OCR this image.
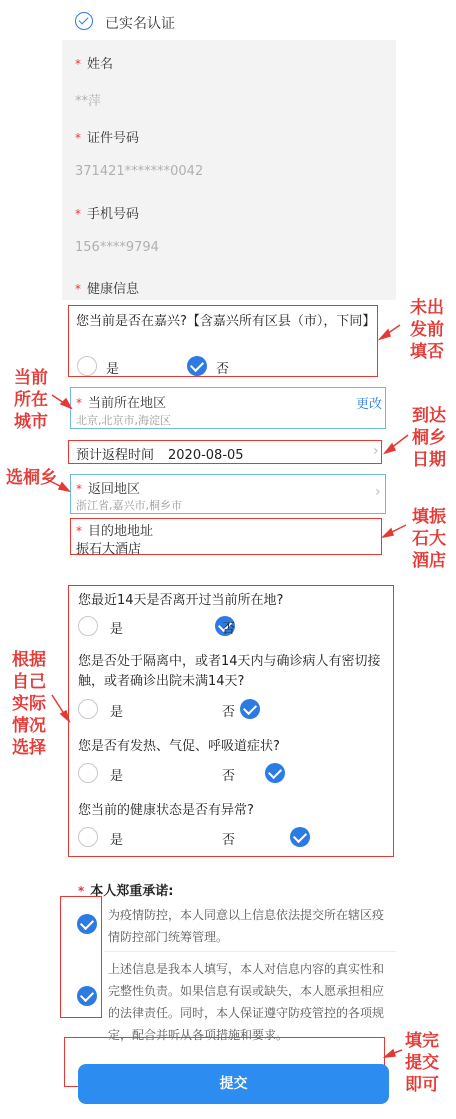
已实名认证
* 姓名
**萍
* 证件号码
371421*******0042
* 手机号码
156****9794
* 健康信息
您当前是否在嘉兴?【含嘉兴所有区县（市），下同】
是
	否
* 当前所在地区	更改
北京,北京市,海淀区
预计返程时间 2020-08-05	›
* 返回地区
浙江省,嘉兴市,桐乡市
›
* 目的地地址
振石大酒店
您最近14天是否离开过当前所在地?
是
	否
您是否处于隔离中，或者14天内与确诊病人有密切接触，或者确诊出院未满14天?
是
	否
您是否有发热、气促、呼吸道症状?
是
	否
您当前的健康状态是否有异常?
是	否
* 本人郑重承诺:
为疫情防控，本人同意以上信息依法提交所在辖区疫情防控部门统筹管理。
上述信息是我本人填写，本人对信息内容的真实性和完整性负责。如果信息有误或缺失，本人愿承担相应的法律责任。同时，本人保证遵守防疫管控的各项规定，配合并听从各项措施和要求。
提交
未出发前填否
当前所在城市	到达桐乡日期
选桐乡
填振石大酒店
根据自己实际情况选择
填完提交即可
